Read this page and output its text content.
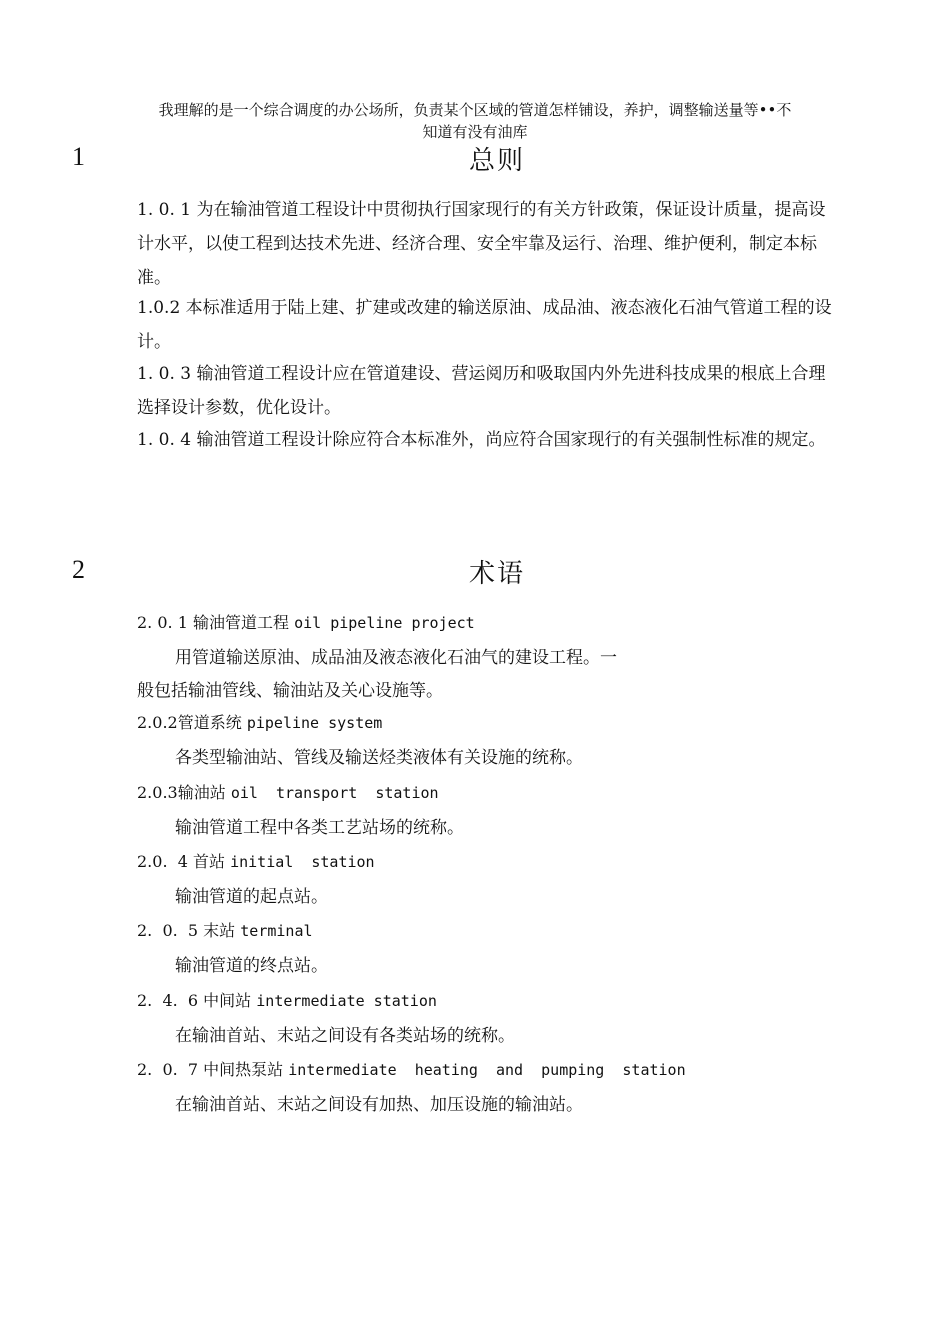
我理解的是一个综合调度的办公场所，负责某个区域的管道怎样铺设，养护，调整输送量等••不
知道有没有油库
1	总则
1. 0. 1 为在输油管道工程设计中贯彻执行国家现行的有关方针政策，保证设计质量，提高设计水平，以使工程到达技术先进、经济合理、安全牢靠及运行、治理、维护便利，制定本标准。
1.0.2 本标准适用于陆上建、扩建或改建的输送原油、成品油、液态液化石油气管道工程的设计。
1. 0. 3 输油管道工程设计应在管道建设、营运阅历和吸取国内外先进科技成果的根底上合理选择设计参数，优化设计。
1. 0. 4 输油管道工程设计除应符合本标准外，尚应符合国家现行的有关强制性标准的规定。
2	术语
2. 0. 1 输油管道工程 oil pipeline project
用管道输送原油、成品油及液态液化石油气的建设工程。一
般包括输油管线、输油站及关心设施等。
2.0.2管道系统 pipeline system
各类型输油站、管线及输送烃类液体有关设施的统称。
2.0.3输油站 oil  transport  station
输油管道工程中各类工艺站场的统称。
2.0.  4 首站 initial  station
输油管道的起点站。
2.  0.  5 末站 terminal
输油管道的终点站。
2.  4.  6 中间站 intermediate station
在输油首站、末站之间设有各类站场的统称。
2.  0.  7 中间热泵站 intermediate  heating  and  pumping  station
在输油首站、末站之间设有加热、加压设施的输油站。
